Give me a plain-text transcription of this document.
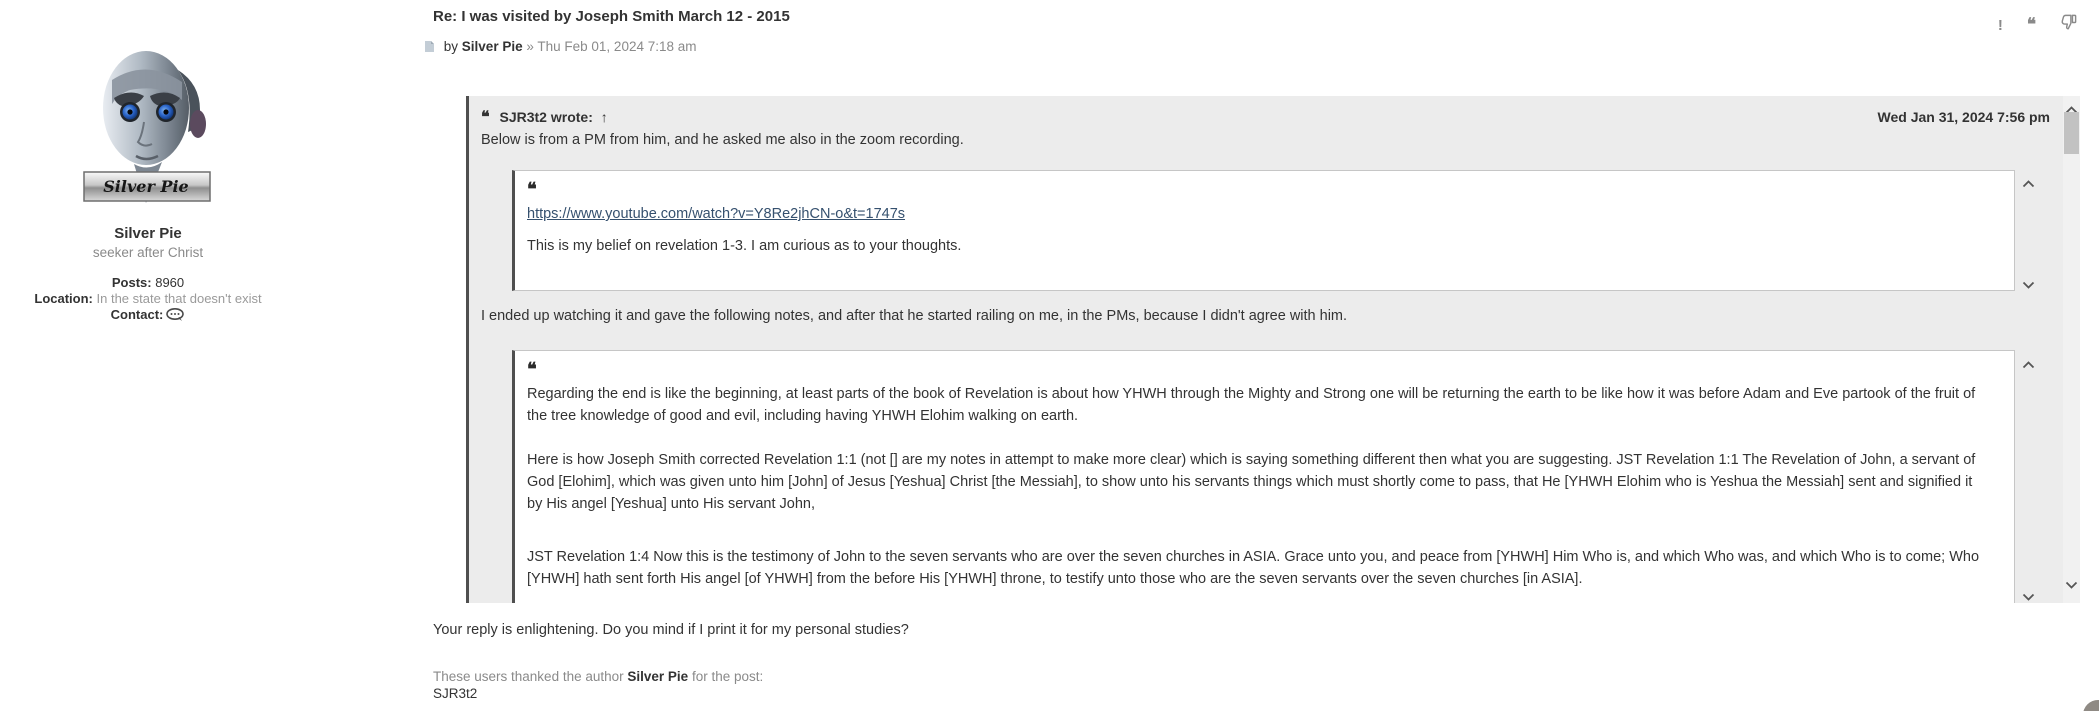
Silver Pie
Silver Pie
seeker after Christ
Posts: 8960
Location: In the state that doesn't exist
Contact:
Re: I was visited by Joseph Smith March 12 - 2015
by Silver Pie » Thu Feb 01, 2024 7:18 am
! ❝
❝ SJR3t2 wrote: ↑	Wed Jan 31, 2024 7:56 pm
Below is from a PM from him, and he asked me also in the zoom recording.
❝
https://www.youtube.com/watch?v=Y8Re2jhCN-o&t=1747s
This is my belief on revelation 1-3. I am curious as to your thoughts.
I ended up watching it and gave the following notes, and after that he started railing on me, in the PMs, because I didn't agree with him.
❝

Regarding the end is like the beginning, at least parts of the book of Revelation is about how YHWH through the Mighty and Strong one will be returning the earth to be like how it was before Adam and Eve partook of the fruit of the tree knowledge of good and evil, including having YHWH Elohim walking on earth.

Here is how Joseph Smith corrected Revelation 1:1 (not [] are my notes in attempt to make more clear) which is saying something different then what you are suggesting. JST Revelation 1:1 The Revelation of John, a servant of God [Elohim], which was given unto him [John] of Jesus [Yeshua] Christ [the Messiah], to show unto his servants things which must shortly come to pass, that He [YHWH Elohim who is Yeshua the Messiah] sent and signified it by His angel [Yeshua] unto His servant John,

JST Revelation 1:4 Now this is the testimony of John to the seven servants who are over the seven churches in ASIA. Grace unto you, and peace from [YHWH] Him Who is, and which Who was, and which Who is to come; Who [YHWH] hath sent forth His angel [of YHWH] from the before His [YHWH] throne, to testify unto those who are the seven servants over the seven churches [in ASIA].

Your reply is enlightening. Do you mind if I print it for my personal studies?
These users thanked the author Silver Pie for the post:
SJR3t2
